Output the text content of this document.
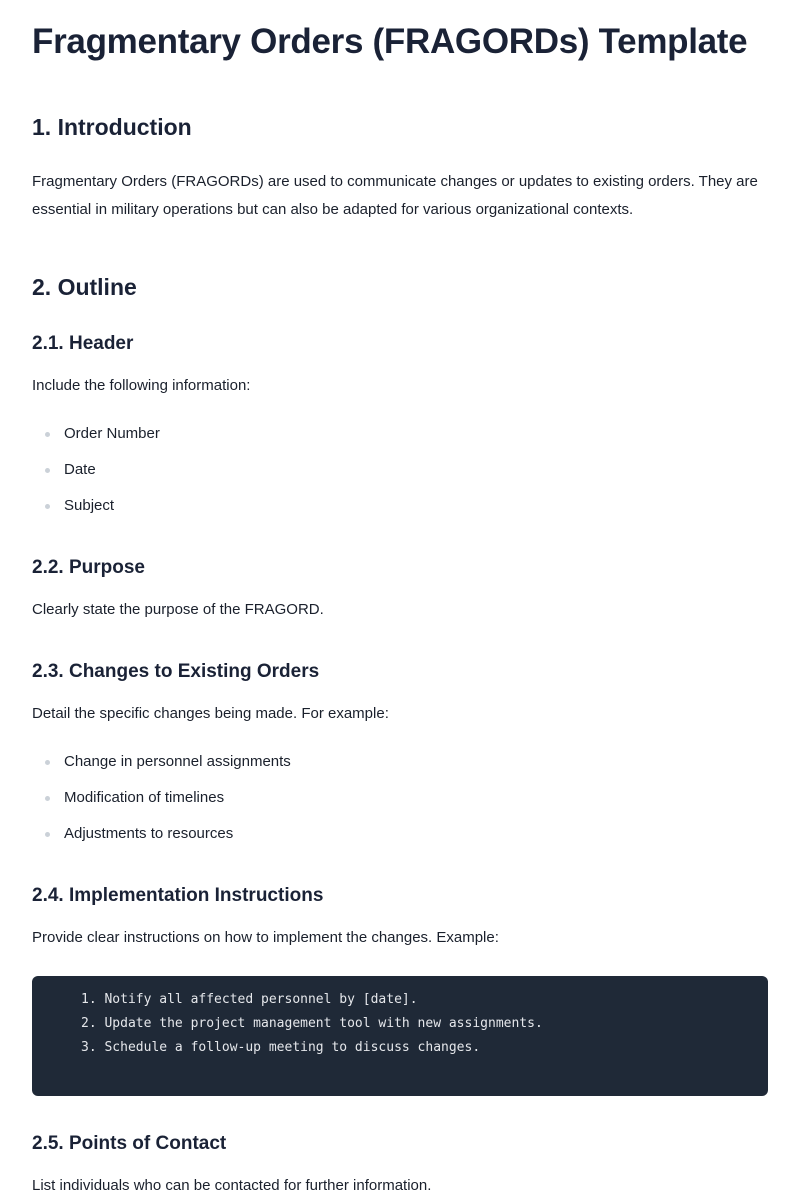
Fragmentary Orders (FRAGORDs) Template
1. Introduction

Fragmentary Orders (FRAGORDs) are used to communicate changes or updates to existing orders. They are essential in military operations but can also be adapted for various organizational contexts.

2. Outline
2.1. Header

Include the following information:

Order Number
Date
Subject
2.2. Purpose

Clearly state the purpose of the FRAGORD.

2.3. Changes to Existing Orders

Detail the specific changes being made. For example:

Change in personnel assignments
Modification of timelines
Adjustments to resources
2.4. Implementation Instructions

Provide clear instructions on how to implement the changes. Example:

1. Notify all affected personnel by [date].
2. Update the project management tool with new assignments.
3. Schedule a follow-up meeting to discuss changes.
2.5. Points of Contact

List individuals who can be contacted for further information.
